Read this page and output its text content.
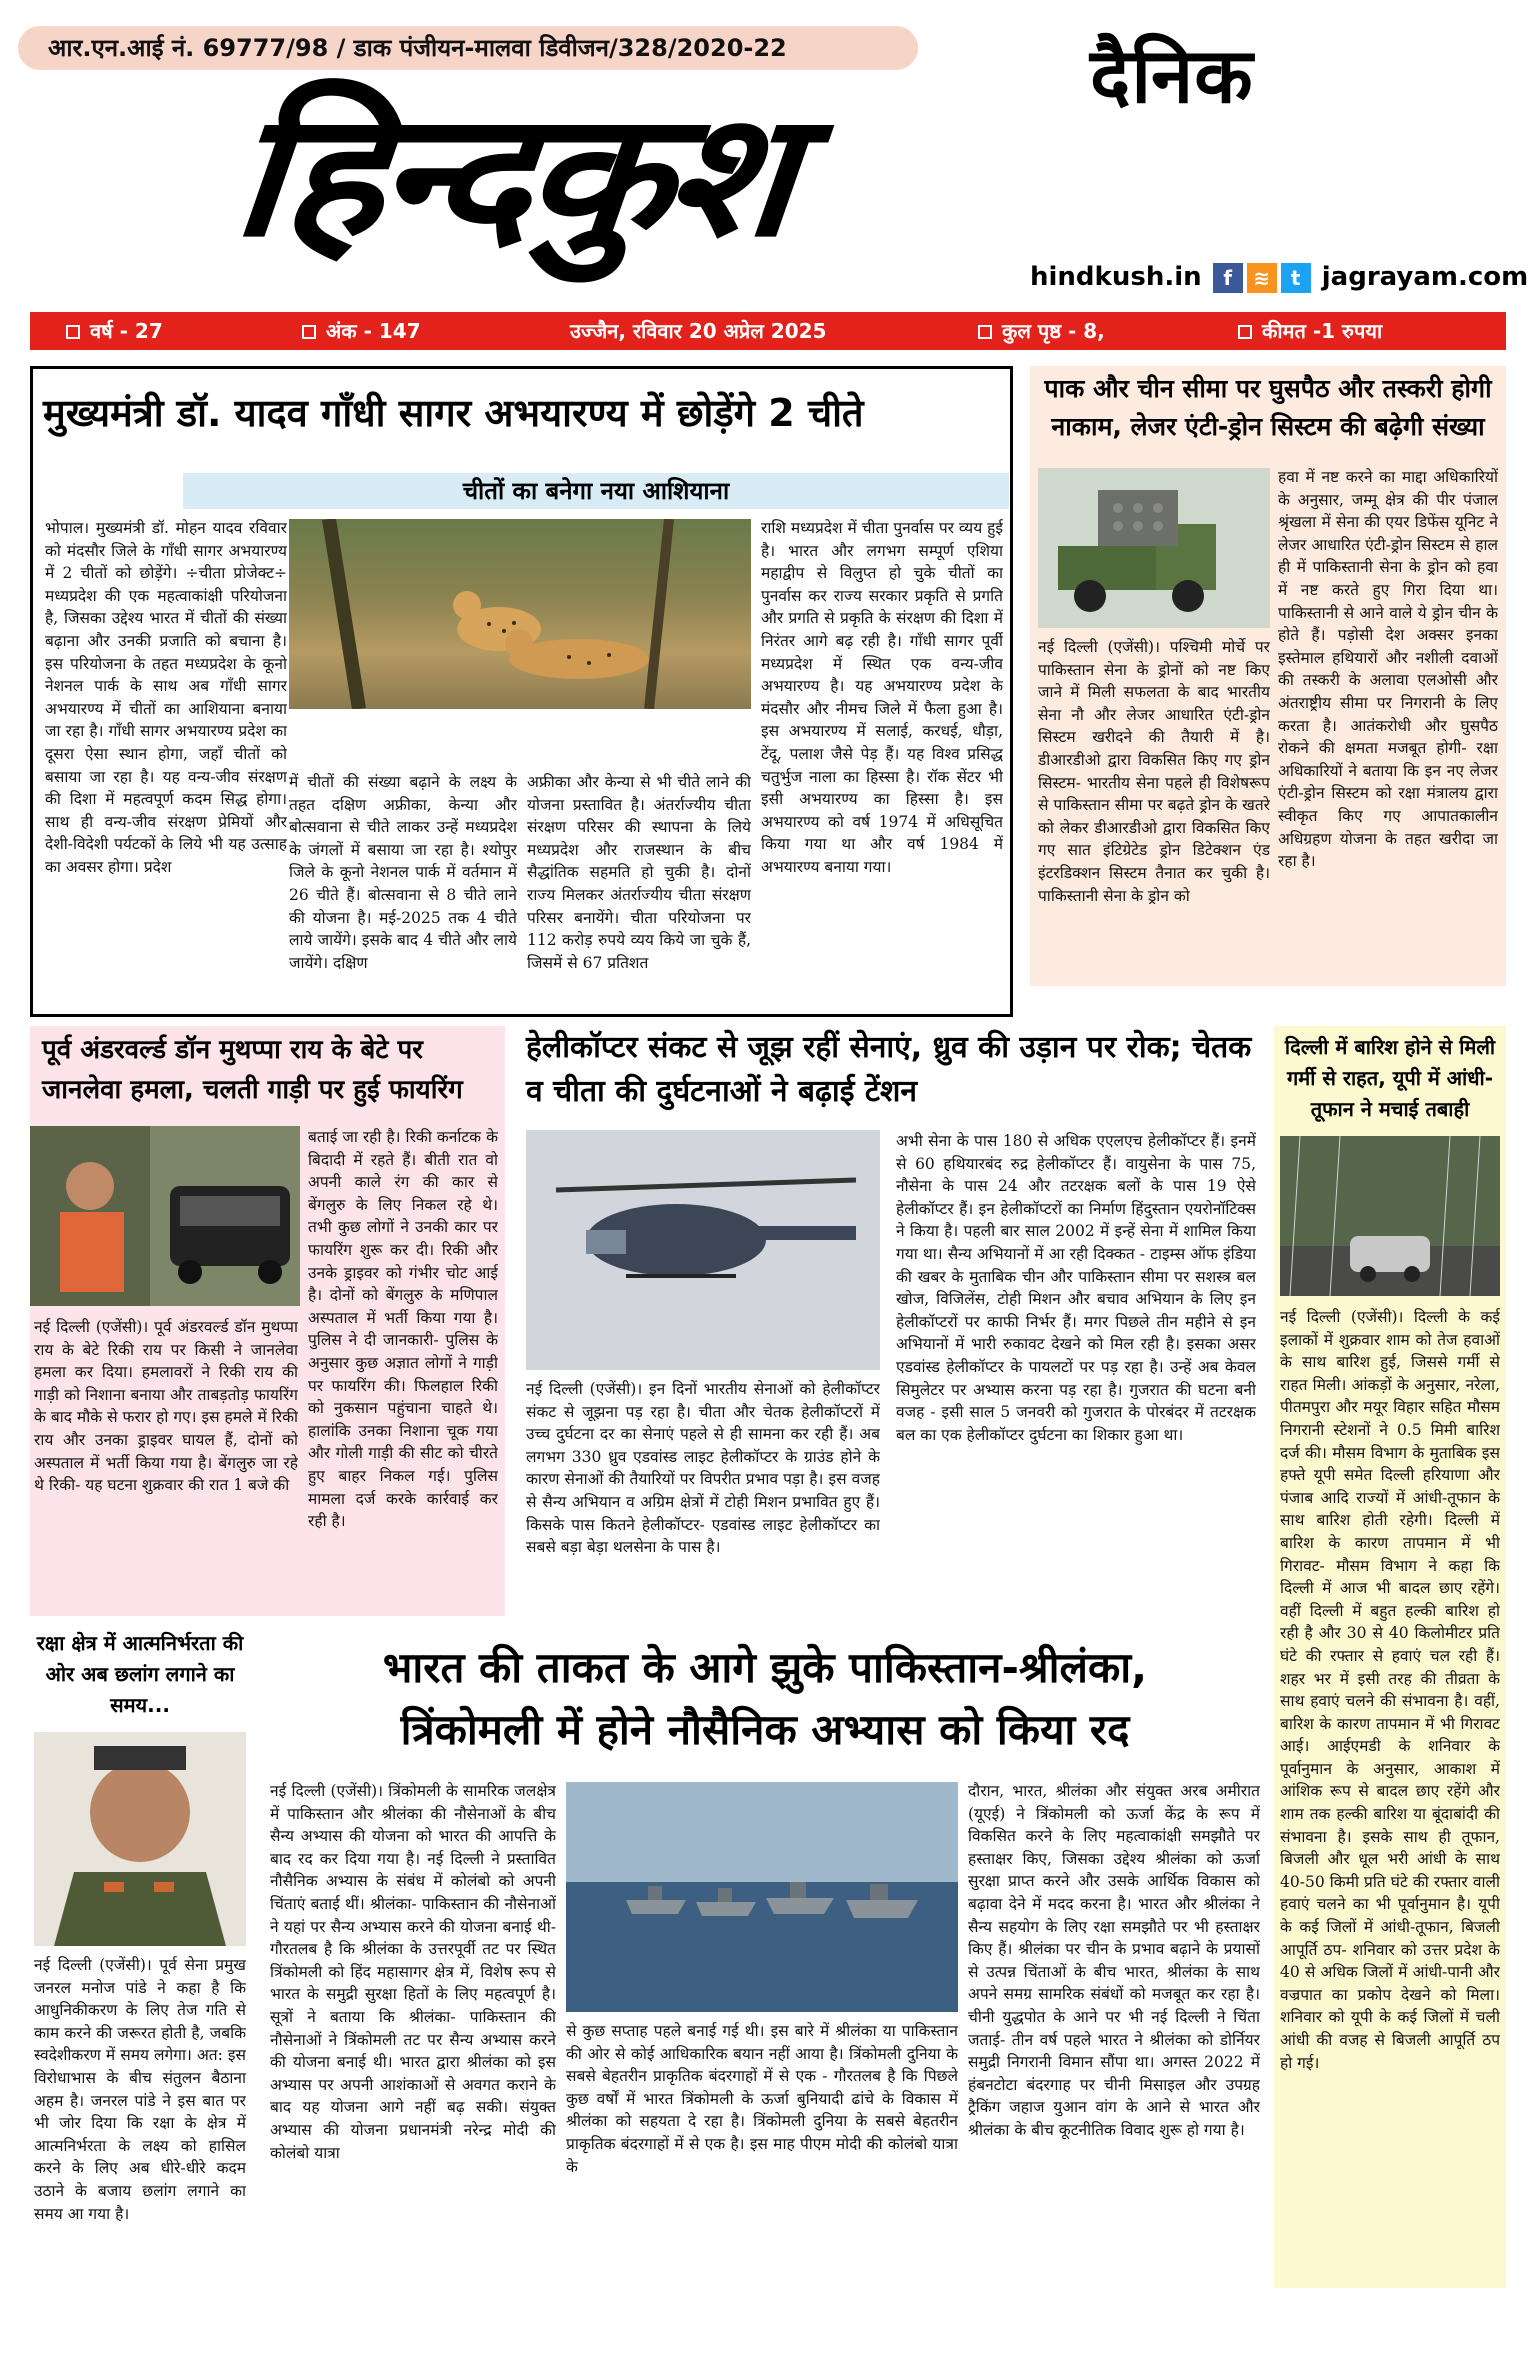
आर.एन.आई नं. 69777/98 / डाक पंजीयन-मालवा डिवीजन/328/2020-22	दैनिक
हिन्दकुश
hindkush.in f ≋ t jagrayam.com
वर्ष - 27	अंक - 147	उज्जैन, रविवार 20 अप्रेल 2025	कुल पृष्ठ - 8,	कीमत -1 रुपया
मुख्यमंत्री डॉ. यादव गाँधी सागर अभयारण्य में छोड़ेंगे 2 चीते
चीतों का बनेगा नया आशियाना
भोपाल। मुख्यमंत्री डॉ. मोहन यादव रविवार को मंदसौर जिले के गाँधी सागर अभयारण्य में 2 चीतों को छोड़ेंगे। ÷चीता प्रोजेक्ट÷ मध्यप्रदेश की एक महत्वाकांक्षी परियोजना है, जिसका उद्देश्य भारत में चीतों की संख्या बढ़ाना और उनकी प्रजाति को बचाना है। इस परियोजना के तहत मध्यप्रदेश के कूनो नेशनल पार्क के साथ अब गाँधी सागर अभयारण्य में चीतों का आशियाना बनाया जा रहा है। गाँधी सागर अभयारण्य प्रदेश का दूसरा ऐसा स्थान होगा, जहाँ चीतों को बसाया जा रहा है। यह वन्य-जीव संरक्षण की दिशा में महत्वपूर्ण कदम सिद्ध होगा। साथ ही वन्य-जीव संरक्षण प्रेमियों और देशी-विदेशी पर्यटकों के लिये भी यह उत्साह का अवसर होगा। प्रदेश
में चीतों की संख्या बढ़ाने के लक्ष्य के तहत दक्षिण अफ्रीका, केन्या और बोत्सवाना से चीते लाकर उन्हें मध्यप्रदेश के जंगलों में बसाया जा रहा है। श्योपुर जिले के कूनो नेशनल पार्क में वर्तमान में 26 चीते हैं। बोत्सवाना से 8 चीते लाने की योजना है। मई-2025 तक 4 चीते लाये जायेंगे। इसके बाद 4 चीते और लाये जायेंगे। दक्षिण
अफ्रीका और केन्या से भी चीते लाने की योजना प्रस्तावित है। अंतर्राज्यीय चीता संरक्षण परिसर की स्थापना के लिये मध्यप्रदेश और राजस्थान के बीच सैद्धांतिक सहमति हो चुकी है। दोनों राज्य मिलकर अंतर्राज्यीय चीता संरक्षण परिसर बनायेंगे। चीता परियोजना पर 112 करोड़ रुपये व्यय किये जा चुके हैं, जिसमें से 67 प्रतिशत
राशि मध्यप्रदेश में चीता पुनर्वास पर व्यय हुई है। भारत और लगभग सम्पूर्ण एशिया महाद्वीप से विलुप्त हो चुके चीतों का पुनर्वास कर राज्य सरकार प्रकृति से प्रगति और प्रगति से प्रकृति के संरक्षण की दिशा में निरंतर आगे बढ़ रही है। गाँधी सागर पूर्वी मध्यप्रदेश में स्थित एक वन्य-जीव अभयारण्य है। यह अभयारण्य प्रदेश के मंदसौर और नीमच जिले में फैला हुआ है। इस अभयारण्य में सलाई, करधई, धौड़ा, टेंदू, पलाश जैसे पेड़ हैं। यह विश्व प्रसिद्ध चतुर्भुज नाला का हिस्सा है। रॉक सेंटर भी इसी अभयारण्य का हिस्सा है। इस अभयारण्य को वर्ष 1974 में अधिसूचित किया गया था और वर्ष 1984 में अभयारण्य बनाया गया।
पाक और चीन सीमा पर घुसपैठ और तस्करी होगी नाकाम, लेजर एंटी-ड्रोन सिस्टम की बढ़ेगी संख्या
नई दिल्ली (एजेंसी)। पश्चिमी मोर्चे पर पाकिस्तान सेना के ड्रोनों को नष्ट किए जाने में मिली सफलता के बाद भारतीय सेना नौ और लेजर आधारित एंटी-ड्रोन सिस्टम खरीदने की तैयारी में है। डीआरडीओ द्वारा विकसित किए गए ड्रोन सिस्टम- भारतीय सेना पहले ही विशेषरूप से पाकिस्तान सीमा पर बढ़ते ड्रोन के खतरे को लेकर डीआरडीओ द्वारा विकसित किए गए सात इंटिग्रेटेड ड्रोन डिटेक्शन एंड इंटरडिक्शन सिस्टम तैनात कर चुकी है। पाकिस्तानी सेना के ड्रोन को
हवा में नष्ट करने का माद्दा अधिकारियों के अनुसार, जम्मू क्षेत्र की पीर पंजाल श्रृंखला में सेना की एयर डिफेंस यूनिट ने लेजर आधारित एंटी-ड्रोन सिस्टम से हाल ही में पाकिस्तानी सेना के ड्रोन को हवा में नष्ट करते हुए गिरा दिया था। पाकिस्तानी से आने वाले ये ड्रोन चीन के होते हैं। पड़ोसी देश अक्सर इनका इस्तेमाल हथियारों और नशीली दवाओं की तस्करी के अलावा एलओसी और अंतराष्ट्रीय सीमा पर निगरानी के लिए करता है। आतंकरोधी और घुसपैठ रोकने की क्षमता मजबूत होगी- रक्षा अधिकारियों ने बताया कि इन नए लेजर एंटी-ड्रोन सिस्टम को रक्षा मंत्रालय द्वारा स्वीकृत किए गए आपातकालीन अधिग्रहण योजना के तहत खरीदा जा रहा है।
पूर्व अंडरवर्ल्ड डॉन मुथप्पा राय के बेटे पर जानलेवा हमला, चलती गाड़ी पर हुई फायरिंग
नई दिल्ली (एजेंसी)। पूर्व अंडरवर्ल्ड डॉन मुथप्पा राय के बेटे रिकी राय पर किसी ने जानलेवा हमला कर दिया। हमलावरों ने रिकी राय की गाड़ी को निशाना बनाया और ताबड़तोड़ फायरिंग के बाद मौके से फरार हो गए। इस हमले में रिकी राय और उनका ड्राइवर घायल हैं, दोनों को अस्पताल में भर्ती किया गया है। बेंगलुरु जा रहे थे रिकी- यह घटना शुक्रवार की रात 1 बजे की
बताई जा रही है। रिकी कर्नाटक के बिदादी में रहते हैं। बीती रात वो अपनी काले रंग की कार से बेंगलुरु के लिए निकल रहे थे। तभी कुछ लोगों ने उनकी कार पर फायरिंग शुरू कर दी। रिकी और उनके ड्राइवर को गंभीर चोट आई है। दोनों को बेंगलुरु के मणिपाल अस्पताल में भर्ती किया गया है। पुलिस ने दी जानकारी- पुलिस के अनुसार कुछ अज्ञात लोगों ने गाड़ी पर फायरिंग की। फिलहाल रिकी को नुकसान पहुंचाना चाहते थे। हालांकि उनका निशाना चूक गया और गोली गाड़ी की सीट को चीरते हुए बाहर निकल गई। पुलिस मामला दर्ज करके कार्रवाई कर रही है।
हेलीकॉप्टर संकट से जूझ रहीं सेनाएं, ध्रुव की उड़ान पर रोक; चेतक व चीता की दुर्घटनाओं ने बढ़ाई टेंशन
नई दिल्ली (एजेंसी)। इन दिनों भारतीय सेनाओं को हेलीकॉप्टर संकट से जूझना पड़ रहा है। चीता और चेतक हेलीकॉप्टरों में उच्च दुर्घटना दर का सेनाएं पहले से ही सामना कर रही हैं। अब लगभग 330 ध्रुव एडवांस्ड लाइट हेलीकॉप्टर के ग्राउंड होने के कारण सेनाओं की तैयारियों पर विपरीत प्रभाव पड़ा है। इस वजह से सैन्य अभियान व अग्रिम क्षेत्रों में टोही मिशन प्रभावित हुए हैं। किसके पास कितने हेलीकॉप्टर- एडवांस्ड लाइट हेलीकॉप्टर का सबसे बड़ा बेड़ा थलसेना के पास है।
अभी सेना के पास 180 से अधिक एएलएच हेलीकॉप्टर हैं। इनमें से 60 हथियारबंद रुद्र हेलीकॉप्टर हैं। वायुसेना के पास 75, नौसेना के पास 24 और तटरक्षक बलों के पास 19 ऐसे हेलीकॉप्टर हैं। इन हेलीकॉप्टरों का निर्माण हिंदुस्तान एयरोनॉटिक्स ने किया है। पहली बार साल 2002 में इन्हें सेना में शामिल किया गया था। सैन्य अभियानों में आ रही दिक्कत - टाइम्स ऑफ इंडिया की खबर के मुताबिक चीन और पाकिस्तान सीमा पर सशस्त्र बल खोज, विजिलेंस, टोही मिशन और बचाव अभियान के लिए इन हेलीकॉप्टरों पर काफी निर्भर हैं। मगर पिछले तीन महीने से इन अभियानों में भारी रुकावट देखने को मिल रही है। इसका असर एडवांस्ड हेलीकॉप्टर के पायलटों पर पड़ रहा है। उन्हें अब केवल सिमुलेटर पर अभ्यास करना पड़ रहा है। गुजरात की घटना बनी वजह - इसी साल 5 जनवरी को गुजरात के पोरबंदर में तटरक्षक बल का एक हेलीकॉप्टर दुर्घटना का शिकार हुआ था।
दिल्ली में बारिश होने से मिली गर्मी से राहत, यूपी में आंधी-तूफान ने मचाई तबाही
नई दिल्ली (एजेंसी)। दिल्ली के कई इलाकों में शुक्रवार शाम को तेज हवाओं के साथ बारिश हुई, जिससे गर्मी से राहत मिली। आंकड़ों के अनुसार, नरेला, पीतमपुरा और मयूर विहार सहित मौसम निगरानी स्टेशनों ने 0.5 मिमी बारिश दर्ज की। मौसम विभाग के मुताबिक इस हफ्ते यूपी समेत दिल्ली हरियाणा और पंजाब आदि राज्यों में आंधी-तूफान के साथ बारिश होती रहेगी। दिल्ली में बारिश के कारण तापमान में भी गिरावट- मौसम विभाग ने कहा कि दिल्ली में आज भी बादल छाए रहेंगे। वहीं दिल्ली में बहुत हल्की बारिश हो रही है और 30 से 40 किलोमीटर प्रति घंटे की रफ्तार से हवाएं चल रही हैं। शहर भर में इसी तरह की तीव्रता के साथ हवाएं चलने की संभावना है। वहीं, बारिश के कारण तापमान में भी गिरावट आई। आईएमडी के शनिवार के पूर्वानुमान के अनुसार, आकाश में आंशिक रूप से बादल छाए रहेंगे और शाम तक हल्की बारिश या बूंदाबांदी की संभावना है। इसके साथ ही तूफान, बिजली और धूल भरी आंधी के साथ 40-50 किमी प्रति घंटे की रफ्तार वाली हवाएं चलने का भी पूर्वानुमान है। यूपी के कई जिलों में आंधी-तूफान, बिजली आपूर्ति ठप- शनिवार को उत्तर प्रदेश के 40 से अधिक जिलों में आंधी-पानी और वज्रपात का प्रकोप देखने को मिला। शनिवार को यूपी के कई जिलों में चली आंधी की वजह से बिजली आपूर्ति ठप हो गई।
रक्षा क्षेत्र में आत्मनिर्भरता की ओर अब छलांग लगाने का समय...
नई दिल्ली (एजेंसी)। पूर्व सेना प्रमुख जनरल मनोज पांडे ने कहा है कि आधुनिकीकरण के लिए तेज गति से काम करने की जरूरत होती है, जबकि स्वदेशीकरण में समय लगेगा। अत: इस विरोधाभास के बीच संतुलन बैठाना अहम है। जनरल पांडे ने इस बात पर भी जोर दिया कि रक्षा के क्षेत्र में आत्मनिर्भरता के लक्ष्य को हासिल करने के लिए अब धीरे-धीरे कदम उठाने के बजाय छलांग लगाने का समय आ गया है।
भारत की ताकत के आगे झुके पाकिस्तान-श्रीलंका,
त्रिंकोमली में होने नौसैनिक अभ्यास को किया रद
नई दिल्ली (एजेंसी)। त्रिंकोमली के सामरिक जलक्षेत्र में पाकिस्तान और श्रीलंका की नौसेनाओं के बीच सैन्य अभ्यास की योजना को भारत की आपत्ति के बाद रद कर दिया गया है। नई दिल्ली ने प्रस्तावित नौसैनिक अभ्यास के संबंध में कोलंबो को अपनी चिंताएं बताई थीं। श्रीलंका- पाकिस्तान की नौसेनाओं ने यहां पर सैन्य अभ्यास करने की योजना बनाई थी- गौरतलब है कि श्रीलंका के उत्तरपूर्वी तट पर स्थित त्रिंकोमली को हिंद महासागर क्षेत्र में, विशेष रूप से भारत के समुद्री सुरक्षा हितों के लिए महत्वपूर्ण है। सूत्रों ने बताया कि श्रीलंका- पाकिस्तान की नौसेनाओं ने त्रिंकोमली तट पर सैन्य अभ्यास करने की योजना बनाई थी। भारत द्वारा श्रीलंका को इस अभ्यास पर अपनी आशंकाओं से अवगत कराने के बाद यह योजना आगे नहीं बढ़ सकी। संयुक्त अभ्यास की योजना प्रधानमंत्री नरेन्द्र मोदी की कोलंबो यात्रा
से कुछ सप्ताह पहले बनाई गई थी। इस बारे में श्रीलंका या पाकिस्तान की ओर से कोई आधिकारिक बयान नहीं आया है। त्रिंकोमली दुनिया के सबसे बेहतरीन प्राकृतिक बंदरगाहों में से एक - गौरतलब है कि पिछले कुछ वर्षों में भारत त्रिंकोमली के ऊर्जा बुनियादी ढांचे के विकास में श्रीलंका को सहयता दे रहा है। त्रिंकोमली दुनिया के सबसे बेहतरीन प्राकृतिक बंदरगाहों में से एक है। इस माह पीएम मोदी की कोलंबो यात्रा के
दौरान, भारत, श्रीलंका और संयुक्त अरब अमीरात (यूएई) ने त्रिंकोमली को ऊर्जा केंद्र के रूप में विकसित करने के लिए महत्वाकांक्षी समझौते पर हस्ताक्षर किए, जिसका उद्देश्य श्रीलंका को ऊर्जा सुरक्षा प्राप्त करने और उसके आर्थिक विकास को बढ़ावा देने में मदद करना है। भारत और श्रीलंका ने सैन्य सहयोग के लिए रक्षा समझौते पर भी हस्ताक्षर किए हैं। श्रीलंका पर चीन के प्रभाव बढ़ाने के प्रयासों से उत्पन्न चिंताओं के बीच भारत, श्रीलंका के साथ अपने समग्र सामरिक संबंधों को मजबूत कर रहा है। चीनी युद्धपोत के आने पर भी नई दिल्ली ने चिंता जताई- तीन वर्ष पहले भारत ने श्रीलंका को डोर्नियर समुद्री निगरानी विमान सौंपा था। अगस्त 2022 में हंबनटोटा बंदरगाह पर चीनी मिसाइल और उपग्रह ट्रैकिंग जहाज युआन वांग के आने से भारत और श्रीलंका के बीच कूटनीतिक विवाद शुरू हो गया है।
